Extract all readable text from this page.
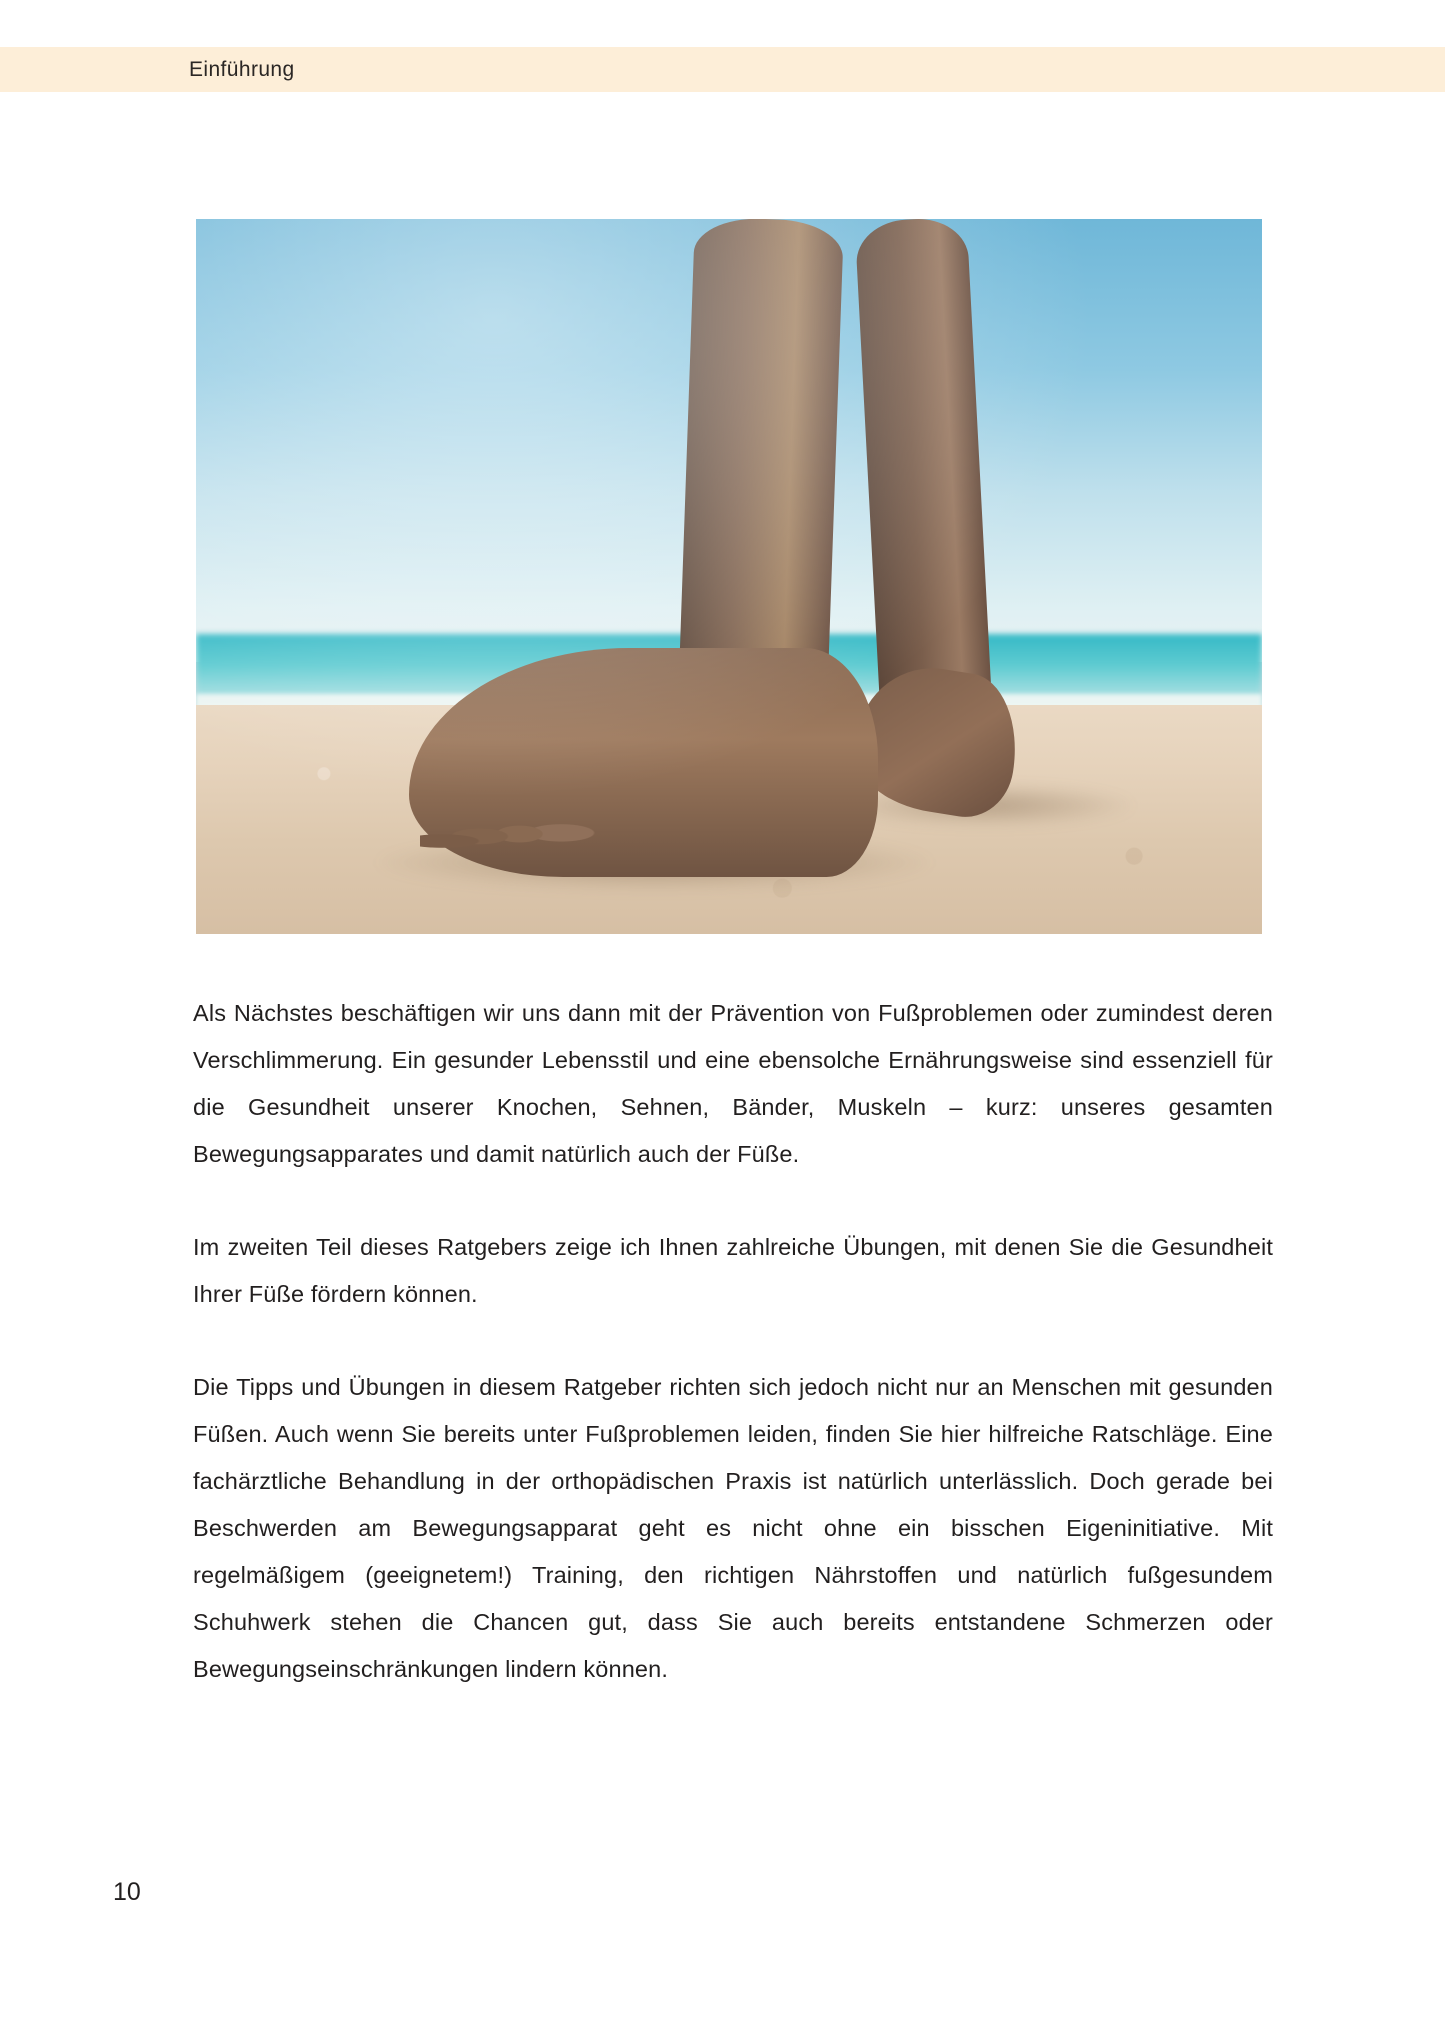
Einführung

Als Nächstes beschäftigen wir uns dann mit der Prävention von Fußproblemen oder zumindest deren Verschlimmerung. Ein gesunder Lebensstil und eine ebensolche Ernährungsweise sind essenziell für die Gesundheit unserer Knochen, Sehnen, Bänder, Muskeln – kurz: unseres gesamten Bewegungsapparates und damit natürlich auch der Füße.

Im zweiten Teil dieses Ratgebers zeige ich Ihnen zahlreiche Übungen, mit denen Sie die Gesundheit Ihrer Füße fördern können.

Die Tipps und Übungen in diesem Ratgeber richten sich jedoch nicht nur an Menschen mit gesunden Füßen. Auch wenn Sie bereits unter Fußproblemen leiden, finden Sie hier hilfreiche Ratschläge. Eine fachärztliche Behandlung in der orthopädischen Praxis ist natürlich unterlässlich. Doch gerade bei Beschwerden am Bewegungsapparat geht es nicht ohne ein bisschen Eigeninitiative. Mit regelmäßigem (geeignetem!) Training, den richtigen Nährstoffen und natürlich fußgesundem Schuhwerk stehen die Chancen gut, dass Sie auch bereits entstandene Schmerzen oder Bewegungseinschränkungen lindern können.

10
